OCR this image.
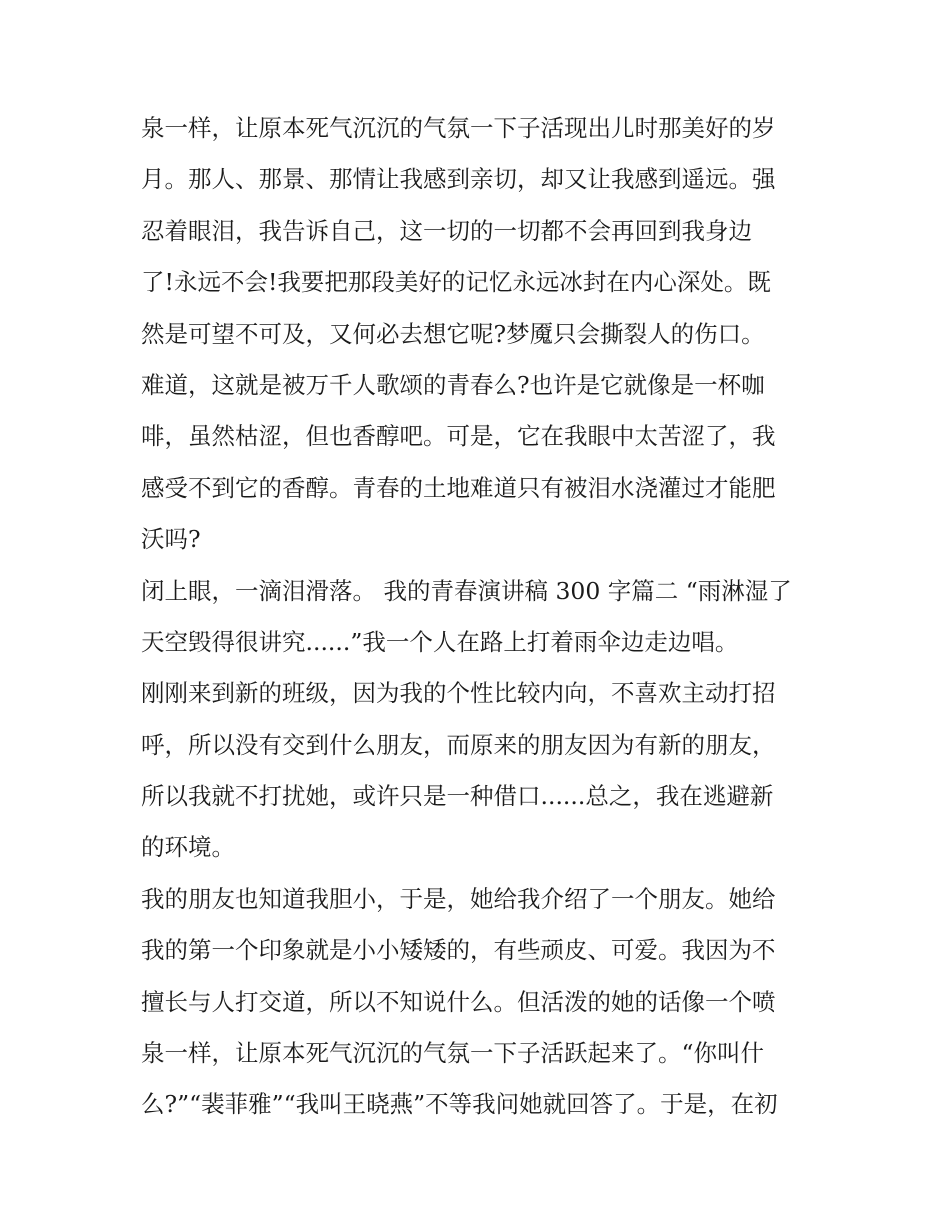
泉一样，让原本死气沉沉的气氛一下子活现出儿时那美好的岁
月。那人、那景、那情让我感到亲切，却又让我感到遥远。强
忍着眼泪，我告诉自己，这一切的一切都不会再回到我身边
了!永远不会!我要把那段美好的记忆永远冰封在内心深处。既
然是可望不可及，又何必去想它呢?梦魇只会撕裂人的伤口。
难道，这就是被万千人歌颂的青春么?也许是它就像是一杯咖
啡，虽然枯涩，但也香醇吧。可是，它在我眼中太苦涩了，我
感受不到它的香醇。青春的土地难道只有被泪水浇灌过才能肥
沃吗?
闭上眼，一滴泪滑落。 我的青春演讲稿 300 字篇二 “雨淋湿了
天空毁得很讲究......”我一个人在路上打着雨伞边走边唱。
刚刚来到新的班级，因为我的个性比较内向，不喜欢主动打招
呼，所以没有交到什么朋友，而原来的朋友因为有新的朋友，
所以我就不打扰她，或许只是一种借口......总之，我在逃避新
的环境。
我的朋友也知道我胆小，于是，她给我介绍了一个朋友。她给
我的第一个印象就是小小矮矮的，有些顽皮、可爱。我因为不
擅长与人打交道，所以不知说什么。但活泼的她的话像一个喷
泉一样，让原本死气沉沉的气氛一下子活跃起来了。“你叫什
么?”“裴菲雅”“我叫王晓燕”不等我问她就回答了。于是，在初
